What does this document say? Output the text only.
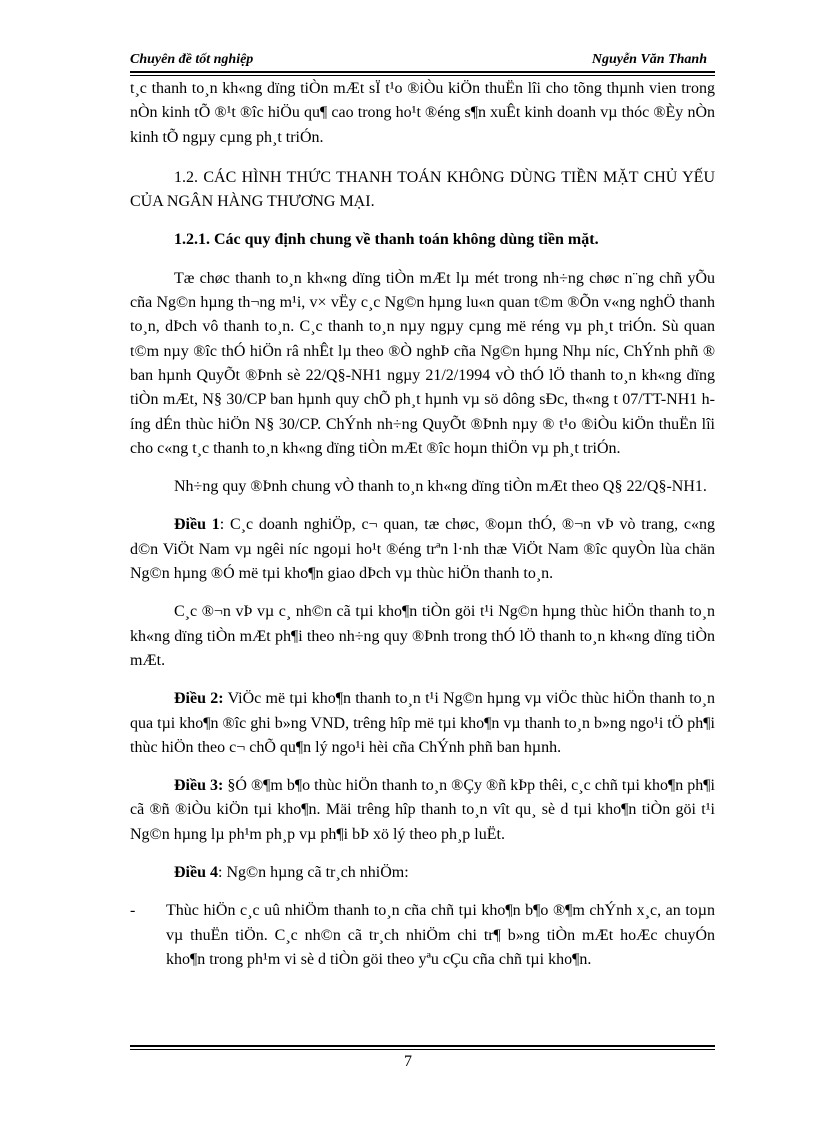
Chuyên đề tốt nghiệp	Nguyễn Văn Thanh

t¸c thanh to¸n kh«ng dïng tiÒn mÆt sÏ t¹o ®iÒu kiÖn thuËn lîi cho tõng thµnh vien trong nÒn kinh tÕ ®¹t ®îc hiÖu qu¶ cao trong ho¹t ®éng s¶n xuÊt kinh doanh vµ thóc ®Èy nÒn kinh tÕ ngµy cµng ph¸t triÓn.

1.2. CÁC HÌNH THỨC THANH TOÁN KHÔNG DÙNG TIỀN MẶT CHỦ YẾU CỦA NGÂN HÀNG THƯƠNG MẠI.

1.2.1. Các quy định chung về thanh toán không dùng tiền mặt.

Tæ chøc thanh to¸n kh«ng dïng tiÒn mÆt lµ mét trong nh÷ng chøc n¨ng chñ yÕu cña Ng©n hµng th¬ng m¹i, v× vËy c¸c Ng©n hµng lu«n quan t©m ®Õn v«ng nghÖ thanh to¸n, dÞch vô thanh to¸n. C¸c thanh to¸n nµy ngµy cµng më réng vµ ph¸t triÓn. Sù quan t©m nµy ®îc thÓ hiÖn râ nhÊt lµ theo ®Ò nghÞ cña Ng©n hµng Nhµ níc, ChÝnh phñ ® ban hµnh QuyÕt ®Þnh sè 22/Q§-NH1 ngµy 21/2/1994 vÒ thÓ lÖ thanh to¸n kh«ng dïng tiÒn mÆt, N§ 30/CP ban hµnh quy chÕ ph¸t hµnh vµ sö dông sÐc, th«ng t 07/TT-NH1 híng dÉn thùc hiÖn N§ 30/CP. ChÝnh nh÷ng QuyÕt ®Þnh nµy ® t¹o ®iÒu kiÖn thuËn lîi cho c«ng t¸c thanh to¸n kh«ng dïng tiÒn mÆt ®îc hoµn thiÖn vµ ph¸t triÓn.

Nh÷ng quy ®Þnh chung vÒ thanh to¸n kh«ng dïng tiÒn mÆt theo Q§ 22/Q§-NH1.

Điều 1: C¸c doanh nghiÖp, c¬ quan, tæ chøc, ®oµn thÓ, ®¬n vÞ vò trang, c«ng d©n ViÖt Nam vµ ngêi níc ngoµi ho¹t ®éng trªn l·nh thæ ViÖt Nam ®îc quyÒn lùa chän Ng©n hµng ®Ó më tµi kho¶n giao dÞch vµ thùc hiÖn thanh to¸n.

C¸c ®¬n vÞ vµ c¸ nh©n cã tµi kho¶n tiÒn göi t¹i Ng©n hµng thùc hiÖn thanh to¸n kh«ng dïng tiÒn mÆt ph¶i theo nh÷ng quy ®Þnh trong thÓ lÖ thanh to¸n kh«ng dïng tiÒn mÆt.

Điều 2: ViÖc më tµi kho¶n thanh to¸n t¹i Ng©n hµng vµ viÖc thùc hiÖn thanh to¸n qua tµi kho¶n ®îc ghi b»ng VND, trêng hîp më tµi kho¶n vµ thanh to¸n b»ng ngo¹i tÖ ph¶i thùc hiÖn theo c¬ chÕ qu¶n lý ngo¹i hèi cña ChÝnh phñ ban hµnh.

Điều 3: §Ó ®¶m b¶o thùc hiÖn thanh to¸n ®Çy ®ñ kÞp thêi, c¸c chñ tµi kho¶n ph¶i cã ®ñ ®iÒu kiÖn tµi kho¶n. Mäi trêng hîp thanh to¸n vît qu¸ sè d tµi kho¶n tiÒn göi t¹i Ng©n hµng lµ ph¹m ph¸p vµ ph¶i bÞ xö lý theo ph¸p luËt.

Điều 4: Ng©n hµng cã tr¸ch nhiÖm:

-	Thùc hiÖn c¸c uû nhiÖm thanh to¸n cña chñ tµi kho¶n b¶o ®¶m chÝnh x¸c, an toµn vµ thuËn tiÖn. C¸c nh©n cã tr¸ch nhiÖm chi tr¶ b»ng tiÒn mÆt hoÆc chuyÓn kho¶n trong ph¹m vi sè d tiÒn göi theo yªu cÇu cña chñ tµi kho¶n.
7
